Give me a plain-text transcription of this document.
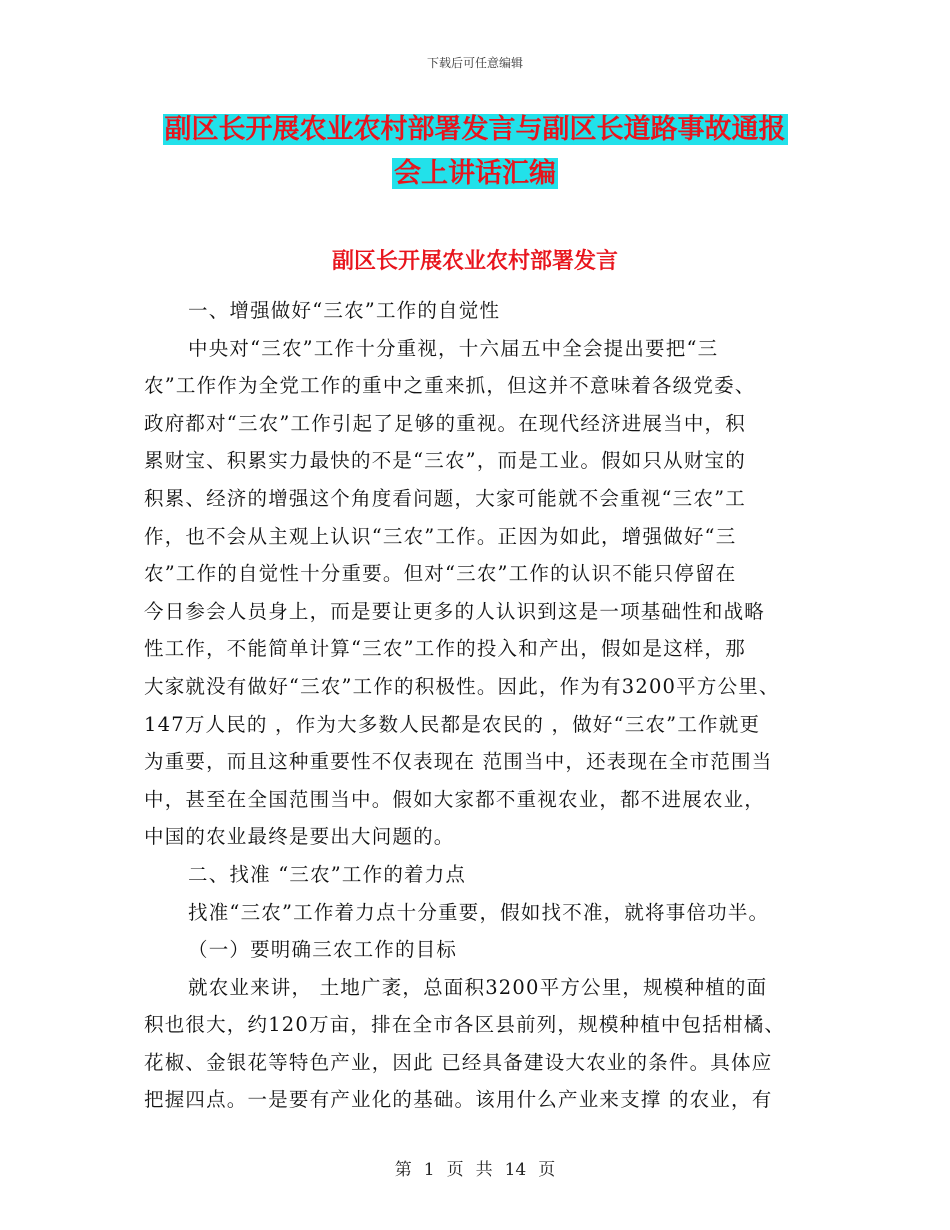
下载后可任意编辑
副区长开展农业农村部署发言与副区长道路事故通报
会上讲话汇编
副区长开展农业农村部署发言

一、增强做好“三农”工作的自觉性

中央对“三农”工作十分重视，十六届五中全会提出要把“三

农”工作作为全党工作的重中之重来抓，但这并不意味着各级党委、

政府都对“三农”工作引起了足够的重视。在现代经济进展当中，积

累财宝、积累实力最快的不是“三农”，而是工业。假如只从财宝的

积累、经济的增强这个角度看问题，大家可能就不会重视“三农”工

作，也不会从主观上认识“三农”工作。正因为如此，增强做好“三

农”工作的自觉性十分重要。但对“三农”工作的认识不能只停留在

今日参会人员身上，而是要让更多的人认识到这是一项基础性和战略

性工作，不能简单计算“三农”工作的投入和产出，假如是这样，那

大家就没有做好“三农”工作的积极性。因此，作为有3200平方公里、

147万人民的 ，作为大多数人民都是农民的 ，做好“三农”工作就更

为重要，而且这种重要性不仅表现在 范围当中，还表现在全市范围当

中，甚至在全国范围当中。假如大家都不重视农业，都不进展农业，

中国的农业最终是要出大问题的。

二、找准 “三农”工作的着力点

找准“三农”工作着力点十分重要，假如找不准，就将事倍功半。

（一）要明确三农工作的目标

就农业来讲， 土地广袤，总面积3200平方公里，规模种植的面

积也很大，约120万亩，排在全市各区县前列，规模种植中包括柑橘、

花椒、金银花等特色产业，因此 已经具备建设大农业的条件。具体应

把握四点。一是要有产业化的基础。该用什么产业来支撑 的农业，有

第 1 页 共 14 页
